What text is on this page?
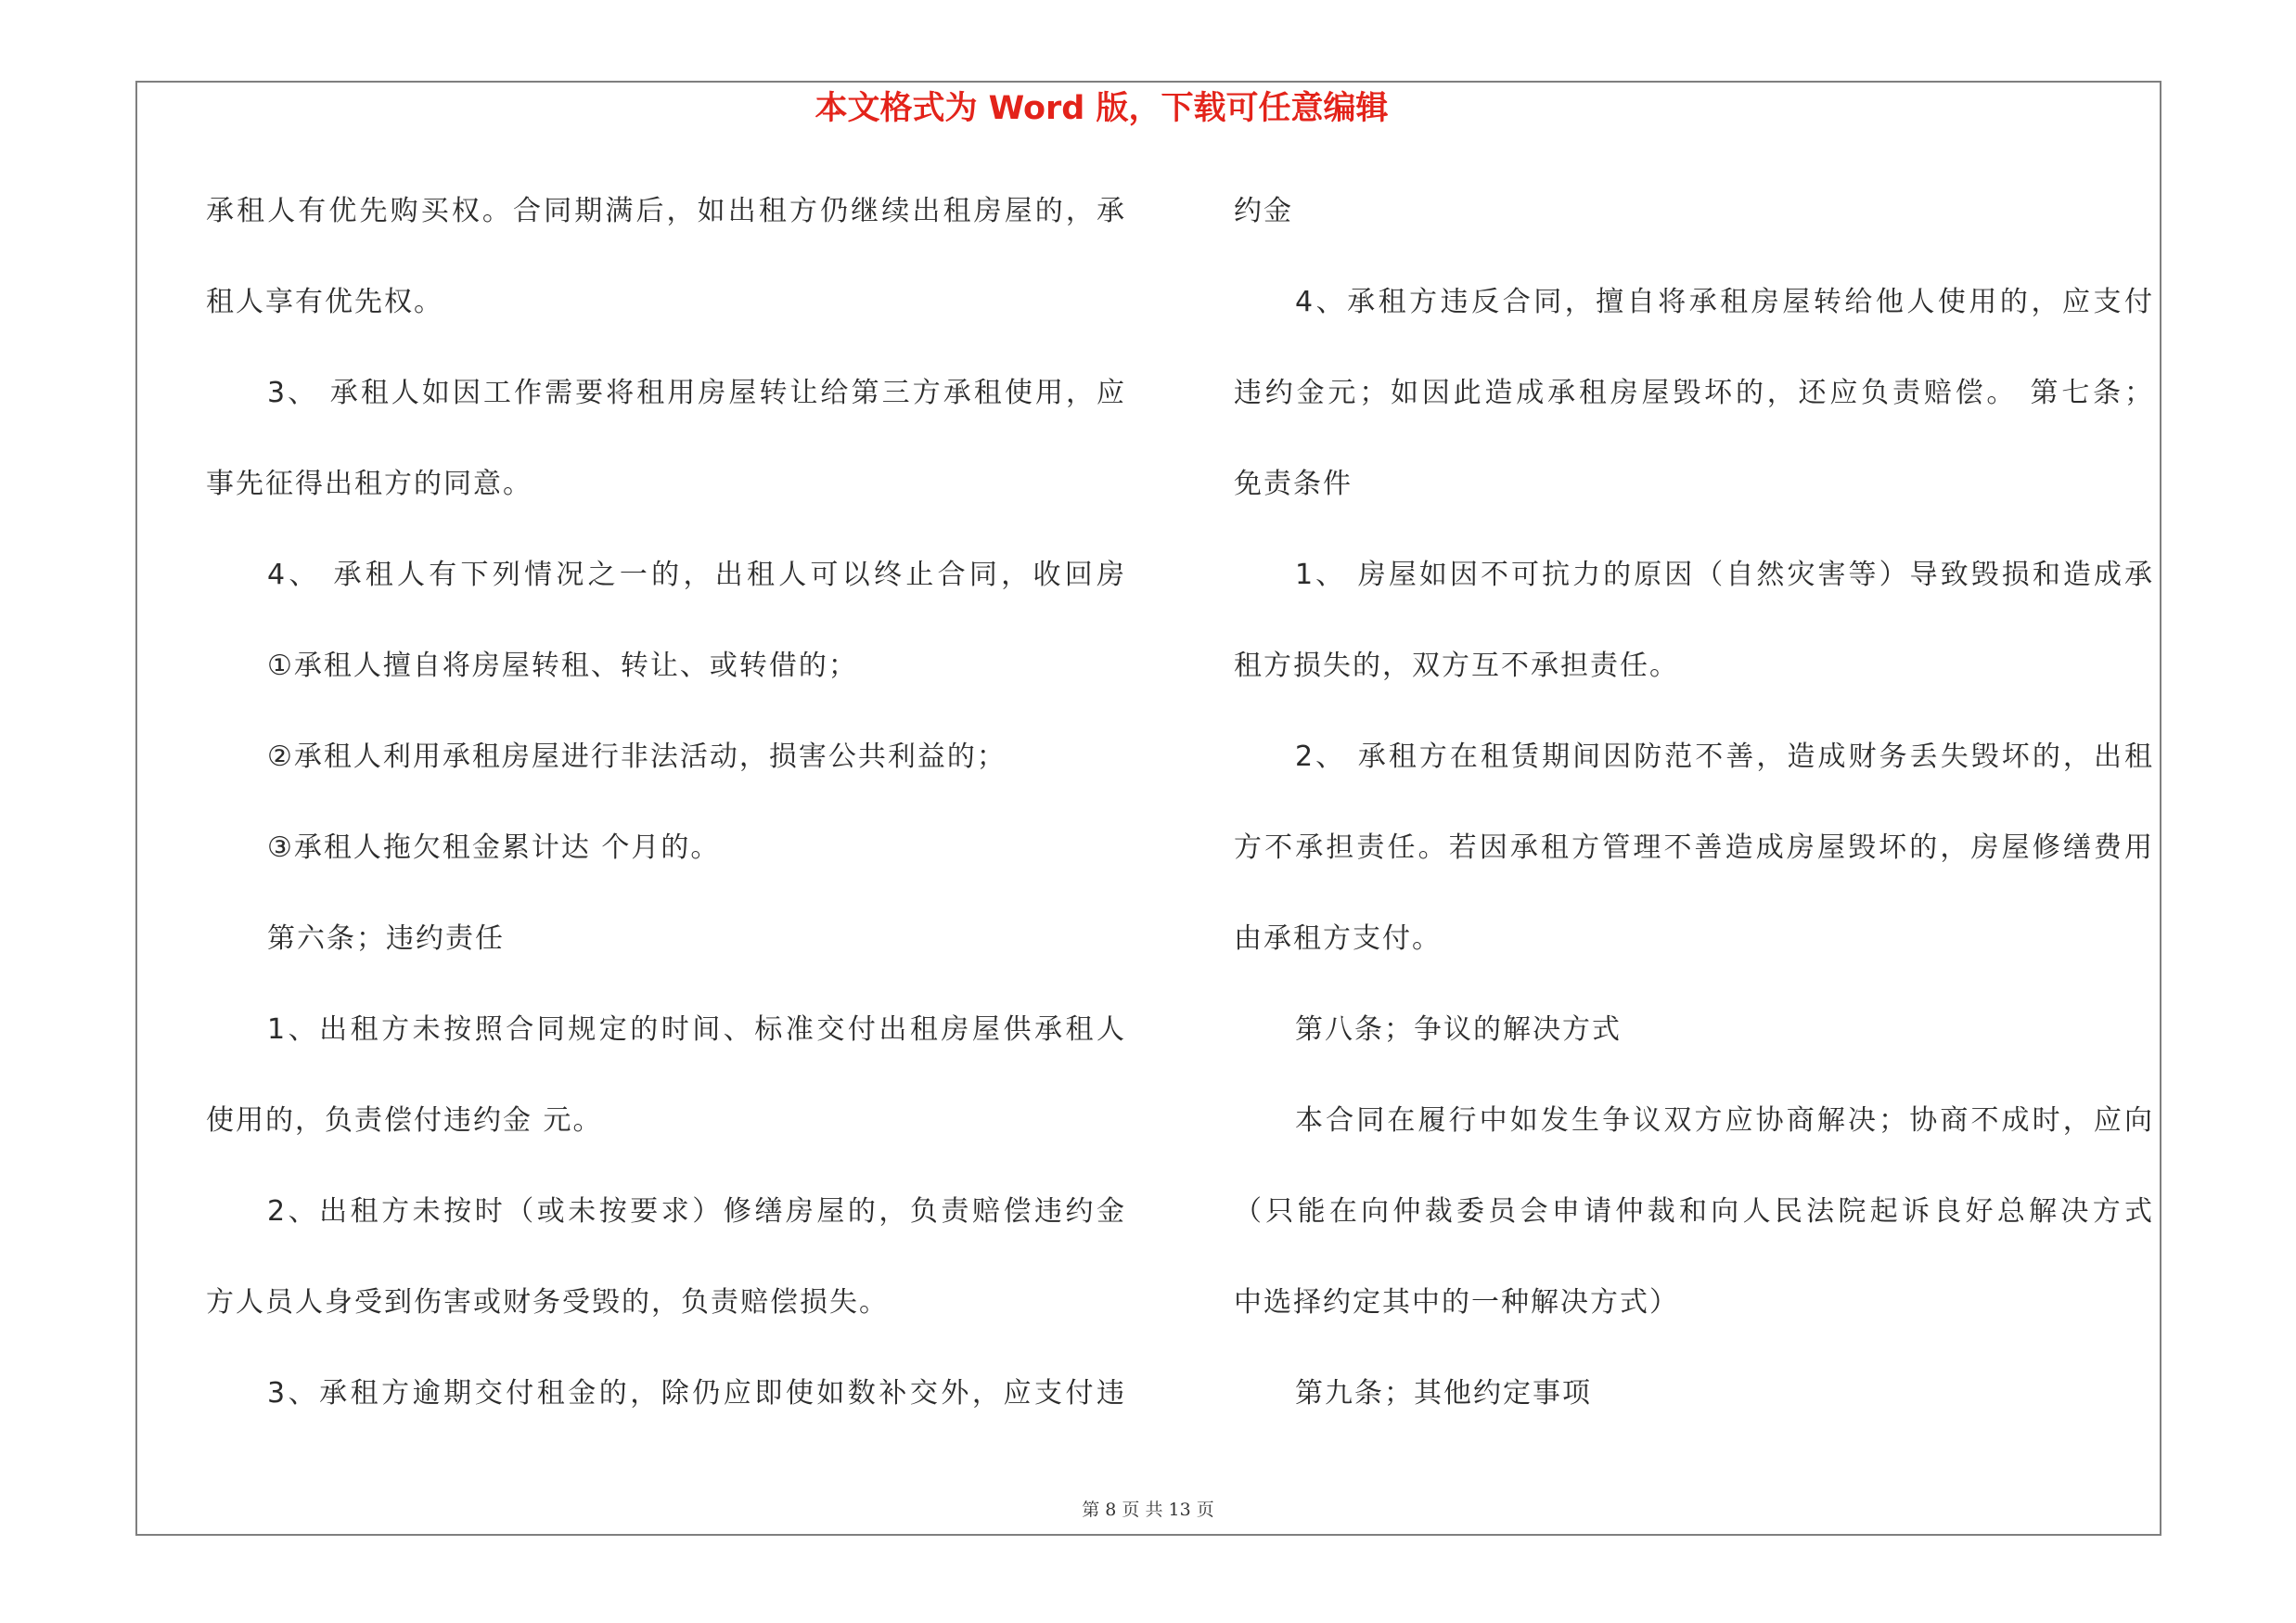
本文格式为 Word 版，下载可任意编辑
承租人有优先购买权。合同期满后，如出租方仍继续出租房屋的，承
租人享有优先权。
3、 承租人如因工作需要将租用房屋转让给第三方承租使用，应
事先征得出租方的同意。
4、 承租人有下列情况之一的，出租人可以终止合同，收回房
①承租人擅自将房屋转租、转让、或转借的；
②承租人利用承租房屋进行非法活动，损害公共利益的；
③承租人拖欠租金累计达 个月的。
第六条；违约责任
1、出租方未按照合同规定的时间、标准交付出租房屋供承租人
使用的，负责偿付违约金 元。
2、出租方未按时（或未按要求）修缮房屋的，负责赔偿违约金
方人员人身受到伤害或财务受毁的，负责赔偿损失。
3、承租方逾期交付租金的，除仍应即使如数补交外，应支付违
约金
4、承租方违反合同，擅自将承租房屋转给他人使用的，应支付
违约金元；如因此造成承租房屋毁坏的，还应负责赔偿。 第七条；
免责条件
1、 房屋如因不可抗力的原因（自然灾害等）导致毁损和造成承
租方损失的，双方互不承担责任。
2、 承租方在租赁期间因防范不善，造成财务丢失毁坏的，出租
方不承担责任。若因承租方管理不善造成房屋毁坏的，房屋修缮费用
由承租方支付。
第八条；争议的解决方式
本合同在履行中如发生争议双方应协商解决；协商不成时，应向
（只能在向仲裁委员会申请仲裁和向人民法院起诉良好总解决方式
中选择约定其中的一种解决方式）
第九条；其他约定事项
第 8 页 共 13 页
